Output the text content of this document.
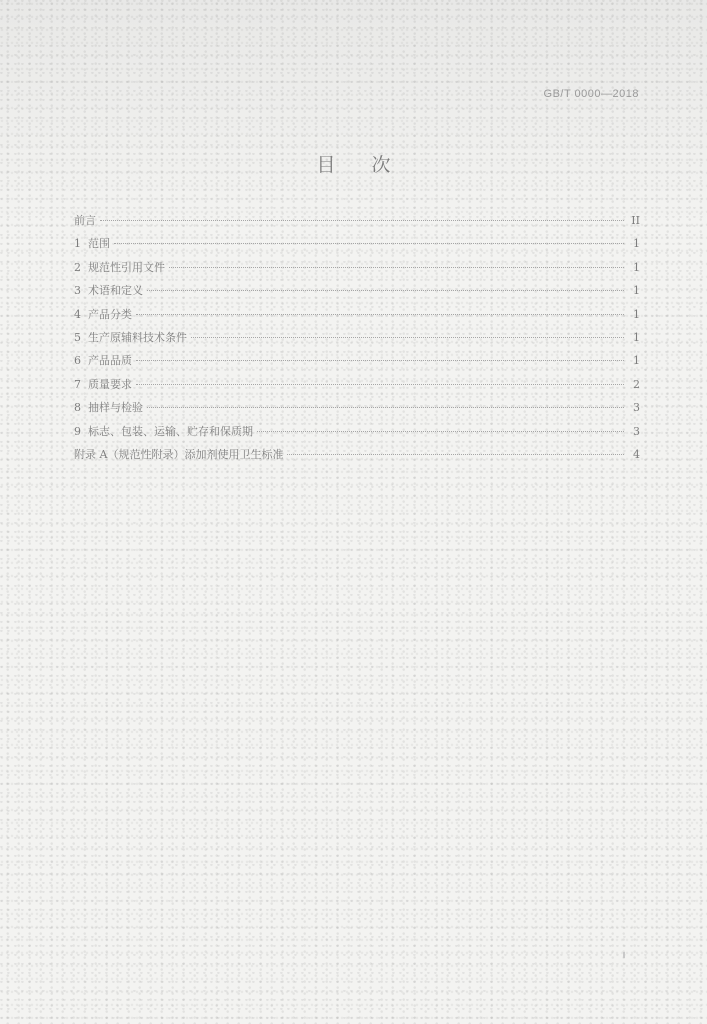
GB/T 0000—2018
目次
前言	II
1 范围	1
2 规范性引用文件	1
3 术语和定义	1
4 产品分类	1
5 生产原辅料技术条件	1
6 产品品质	1
7 质量要求	2
8 抽样与检验	3
9 标志、包装、运输、贮存和保质期	3
附录 A（规范性附录）添加剂使用卫生标准	4
